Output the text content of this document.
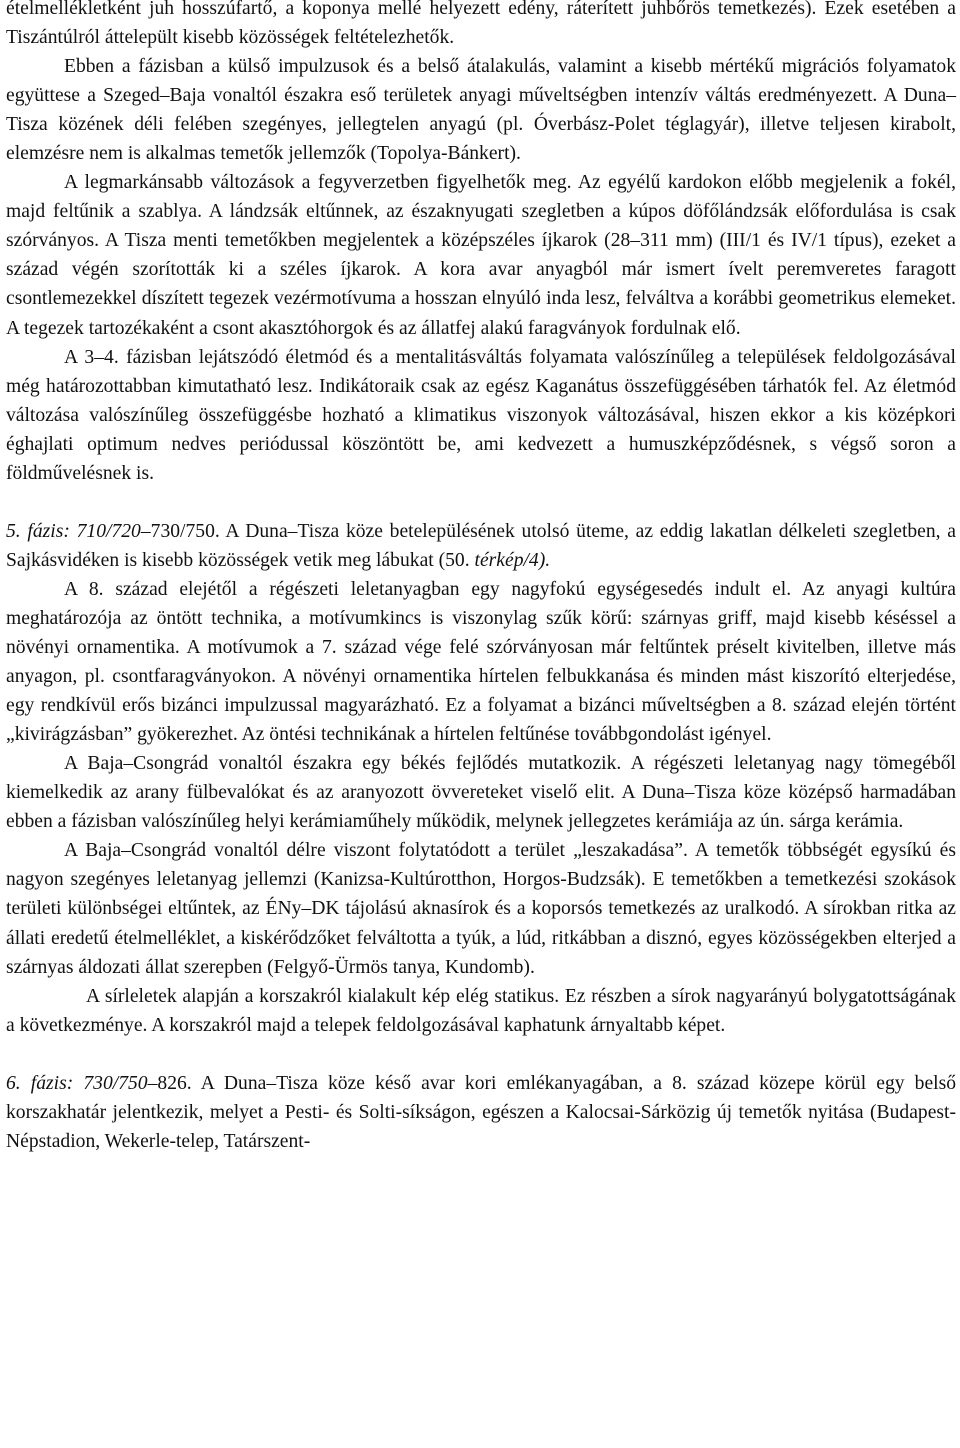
ételmellékletként juh hosszúfartő, a koponya mellé helyezett edény, ráterített juhbőrös temetkezés). Ezek esetében a Tiszántúlról áttelepült kisebb közösségek feltételezhetők.

Ebben a fázisban a külső impulzusok és a belső átalakulás, valamint a kisebb mértékű migrációs folyamatok együttese a Szeged–Baja vonaltól északra eső területek anyagi műveltségben intenzív váltás eredményezett. A Duna–Tisza közének déli felében szegényes, jellegtelen anyagú (pl. Óverbász-Polet téglagyár), illetve teljesen kirabolt, elemzésre nem is alkalmas temetők jellemzők (Topolya-Bánkert).

A legmarkánsabb változások a fegyverzetben figyelhetők meg. Az egyélű kardokon előbb megjelenik a fokél, majd feltűnik a szablya. A lándzsák eltűnnek, az északnyugati szegletben a kúpos döfőlándzsák előfordulása is csak szórványos. A Tisza menti temetőkben megjelentek a középszéles íjkarok (28–311 mm) (III/1 és IV/1 típus), ezeket a század végén szorították ki a széles íjkarok. A kora avar anyagból már ismert ívelt peremveretes faragott csontlemezekkel díszített tegezek vezérmotívuma a hosszan elnyúló inda lesz, felváltva a korábbi geometrikus elemeket. A tegezek tartozékaként a csont akasztóhorgok és az állatfej alakú faragványok fordulnak elő.

A 3–4. fázisban lejátszódó életmód és a mentalitásváltás folyamata valószínűleg a települések feldolgozásával még határozottabban kimutatható lesz. Indikátoraik csak az egész Kaganátus összefüggésében tárhatók fel. Az életmód változása valószínűleg összefüggésbe hozható a klimatikus viszonyok változásával, hiszen ekkor a kis középkori éghajlati optimum nedves periódussal köszöntött be, ami kedvezett a humuszképződésnek, s végső soron a földművelésnek is.

5. fázis: 710/720–730/750. A Duna–Tisza köze betelepülésének utolsó üteme, az eddig lakatlan délkeleti szegletben, a Sajkásvidéken is kisebb közösségek vetik meg lábukat (50. térkép/4).

A 8. század elejétől a régészeti leletanyagban egy nagyfokú egységesedés indult el. Az anyagi kultúra meghatározója az öntött technika, a motívumkincs is viszonylag szűk körű: szárnyas griff, majd kisebb késéssel a növényi ornamentika. A motívumok a 7. század vége felé szórványosan már feltűntek préselt kivitelben, illetve más anyagon, pl. csontfaragványokon. A növényi ornamentika hírtelen felbukkanása és minden mást kiszorító elterjedése, egy rendkívül erős bizánci impulzussal magyarázható. Ez a folyamat a bizánci műveltségben a 8. század elején történt „kivirágzásban” gyökerezhet. Az öntési technikának a hírtelen feltűnése továbbgondolást igényel.

A Baja–Csongrád vonaltól északra egy békés fejlődés mutatkozik. A régészeti leletanyag nagy tömegéből kiemelkedik az arany fülbevalókat és az aranyozott övvereteket viselő elit. A Duna–Tisza köze középső harmadában ebben a fázisban valószínűleg helyi kerámiaműhely működik, melynek jellegzetes kerámiája az ún. sárga kerámia.

A Baja–Csongrád vonaltól délre viszont folytatódott a terület „leszakadása”. A temetők többségét egysíkú és nagyon szegényes leletanyag jellemzi (Kanizsa-Kultúrotthon, Horgos-Budzsák). E temetőkben a temetkezési szokások területi különbségei eltűntek, az ÉNy–DK tájolású aknasírok és a koporsós temetkezés az uralkodó. A sírokban ritka az állati eredetű ételmelléklet, a kiskérődzőket felváltotta a tyúk, a lúd, ritkábban a disznó, egyes közösségekben elterjed a szárnyas áldozati állat szerepben (Felgyő-Ürmös tanya, Kundomb).

A sírleletek alapján a korszakról kialakult kép elég statikus. Ez részben a sírok nagyarányú bolygatottságának a következménye. A korszakról majd a telepek feldolgozásával kaphatunk árnyaltabb képet.

6. fázis: 730/750–826. A Duna–Tisza köze késő avar kori emlékanyagában, a 8. század közepe körül egy belső korszakhatár jelentkezik, melyet a Pesti- és Solti-síkságon, egészen a Kalocsai-Sárközig új temetők nyitása (Budapest-Népstadion, Wekerle-telep, Tatárszent-
